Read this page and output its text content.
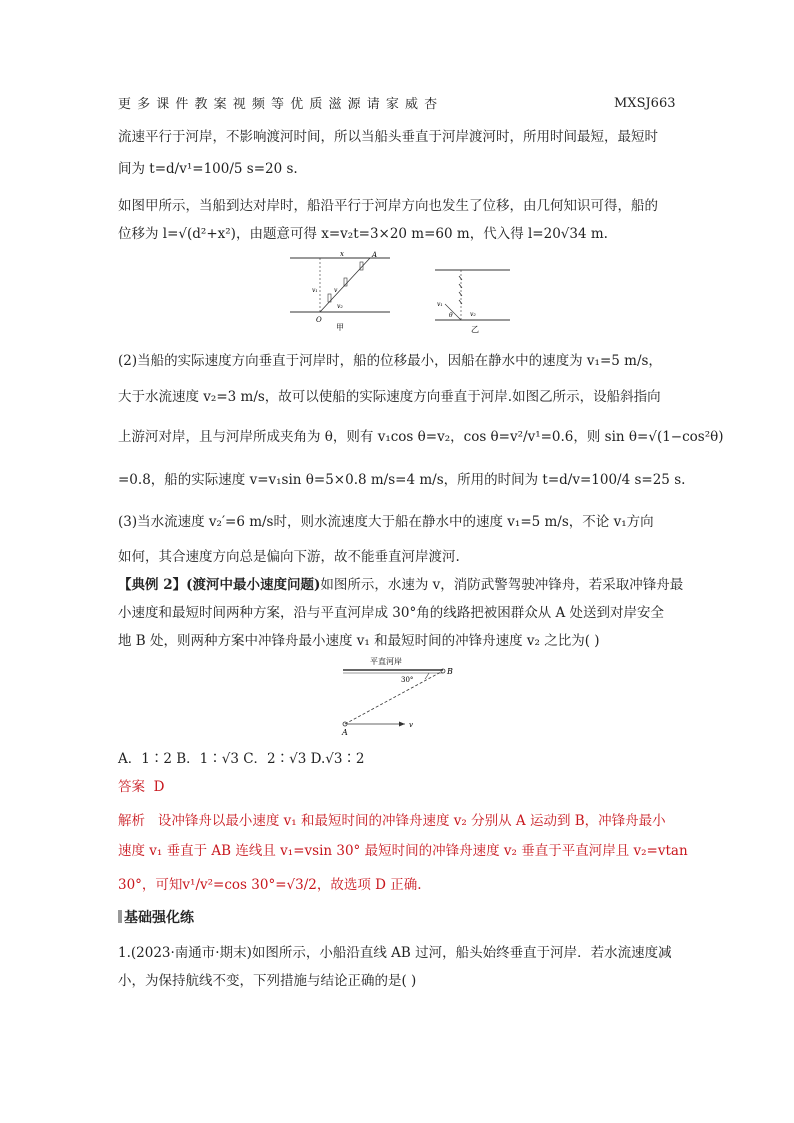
更 多 课 件 教 案 视 频 等 优 质 滋 源 请 家 威 杏	MXSJ663
流速平行于河岸，不影响渡河时间，所以当船头垂直于河岸渡河时，所用时间最短，最短时
间为 t=d/v¹=100/5 s=20 s.
如图甲所示，当船到达对岸时，船沿平行于河岸方向也发生了位移，由几何知识可得，船的
位移为 l=√(d²+x²)，由题意可得 x=v₂t=3×20 m=60 m，代入得 l=20√34 m.
x	A
v₁	v
v₂
O
甲
v₁
θ	v₂
乙
(2)当船的实际速度方向垂直于河岸时，船的位移最小，因船在静水中的速度为 v₁=5 m/s，
大于水流速度 v₂=3 m/s，故可以使船的实际速度方向垂直于河岸.如图乙所示，设船斜指向
上游河对岸，且与河岸所成夹角为 θ，则有 v₁cos θ=v₂，cos θ=v²/v¹=0.6，则 sin θ=√(1−cos²θ)
=0.8，船的实际速度 v=v₁sin θ=5×0.8 m/s=4 m/s，所用的时间为 t=d/v=100/4 s=25 s.
(3)当水流速度 v₂′=6 m/s时，则水流速度大于船在静水中的速度 v₁=5 m/s，不论 v₁方向
如何，其合速度方向总是偏向下游，故不能垂直河岸渡河.
【典例 2】(渡河中最小速度问题)如图所示，水速为 v，消防武警驾驶冲锋舟，若采取冲锋舟最
小速度和最短时间两种方案，沿与平直河岸成 30°角的线路把被困群众从 A 处送到对岸安全
地 B 处，则两种方案中冲锋舟最小速度 v₁ 和最短时间的冲锋舟速度 v₂ 之比为( )
平直河岸
B
30°
A
v
A．1∶2 B．1∶√3 C．2∶√3 D.√3∶2
答案 D
解析 设冲锋舟以最小速度 v₁ 和最短时间的冲锋舟速度 v₂ 分别从 A 运动到 B，冲锋舟最小
速度 v₁ 垂直于 AB 连线且 v₁=vsin 30° 最短时间的冲锋舟速度 v₂ 垂直于平直河岸且 v₂=vtan
30°，可知v¹/v²=cos 30°=√3/2，故选项 D 正确.
基础强化练
1.(2023·南通市·期末)如图所示，小船沿直线 AB 过河，船头始终垂直于河岸．若水流速度减
小，为保持航线不变，下列措施与结论正确的是( )
